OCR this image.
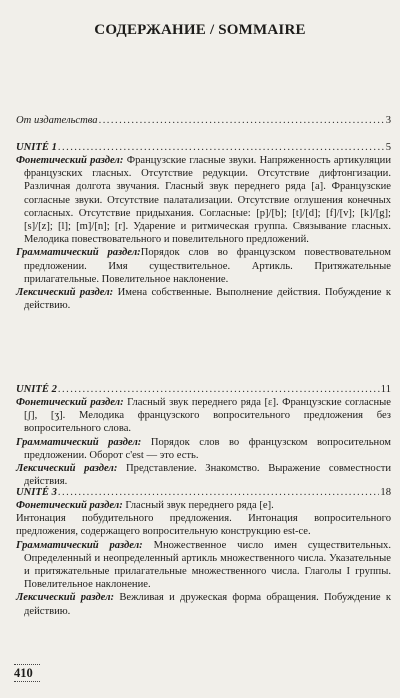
СОДЕРЖАНИЕ / SOMMAIRE
От издательства . . .	3
UNITÉ 1 . . .	5

Фонетический раздел: Французские гласные звуки. Напряженность артикуляции французских гласных. Отсутствие редукции. Отсутствие дифтонгизации. Различная долгота звучания. Гласный звук переднего ряда [a]. Французские согласные звуки. Отсутствие палатализации. Отсутствие оглушения конечных согласных. Отсутствие придыхания. Согласные: [p]/[b]; [t]/[d]; [f]/[v]; [k]/[g]; [s]/[z]; [l]; [m]/[n]; [r]. Ударение и ритмическая группа. Связывание гласных. Мелодика повествовательного и повелительного предложений.

Грамматический раздел:Порядок слов во французском повествовательном предложении. Имя существительное. Артикль. Притяжательные прилагательные. Повелительное наклонение.

Лексический раздел: Имена собственные. Выполнение действия. Побуждение к действию.

UNITÉ 2 . . .	11

Фонетический раздел: Гласный звук переднего ряда [ɛ]. Французские согласные [ʃ], [ʒ]. Мелодика французского вопросительного предложения без вопросительного слова.

Грамматический раздел: Порядок слов во французском вопросительном предложении. Оборот c'est — это есть.

Лексический раздел: Представление. Знакомство. Выражение совместности действия.

UNITÉ 3 . . .	18

Фонетический раздел: Гласный звук переднего ряда [e].

Интонация побудительного предложения. Интонация вопросительного предложения, содержащего вопросительную конструкцию est-ce.

Грамматический раздел: Множественное число имен существительных. Определенный и неопределенный артикль множественного числа. Указательные и притяжательные прилагательные множественного числа. Глаголы I группы. Повелительное наклонение.

Лексический раздел: Вежливая и дружеская форма обращения. Побуждение к действию.

410
